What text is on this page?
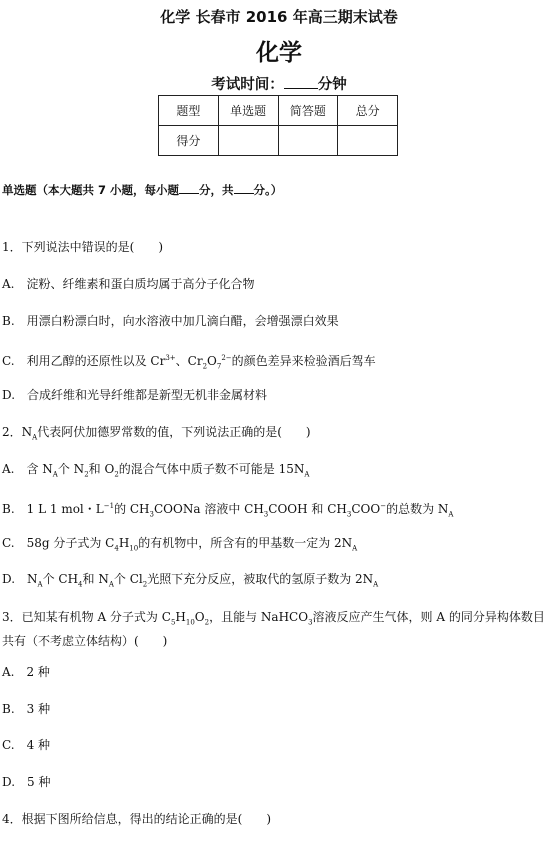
化学 长春市 2016 年高三期末试卷
化学
考试时间： 分钟
题型	单选题	简答题	总分
得分			
单选题（本大题共 7 小题，每小题 分，共 分。）
1．下列说法中错误的是(　　)
A.　淀粉、纤维素和蛋白质均属于高分子化合物
B.　用漂白粉漂白时，向水溶液中加几滴白醋，会增强漂白效果
C.　利用乙醇的还原性以及 $Cr^{3+}$、$Cr_2O_7^{2-}$的颜色差异来检验酒后驾车
D.　合成纤维和光导纤维都是新型无机非金属材料
2．$N_A$代表阿伏加德罗常数的值，下列说法正确的是(　　)
A.　含 $N_A$个 $N_2$和 $O_2$的混合气体中质子数不可能是 $15N_A$
B.　1 L 1 mol・$L^{-1}$的 $CH_3COONa$ 溶液中 $CH_3COOH$ 和 $CH_3COO^-$的总数为 $N_A$
C.　58g 分子式为 $C_4H_{10}$的有机物中，所含有的甲基数一定为 $2N_A$
D.　$N_A$个 $CH_4$和 $N_A$个 $Cl_2$光照下充分反应，被取代的氢原子数为 $2N_A$
3．已知某有机物 A 分子式为 $C_5H_{10}O_2$，且能与 NaHCO$_3$溶液反应产生气体，则 A 的同分异构体数目共有（不考虑立体结构）(　　)
A.　2 种
B.　3 种
C.　4 种
D.　5 种
4．根据下图所给信息，得出的结论正确的是(　　)
